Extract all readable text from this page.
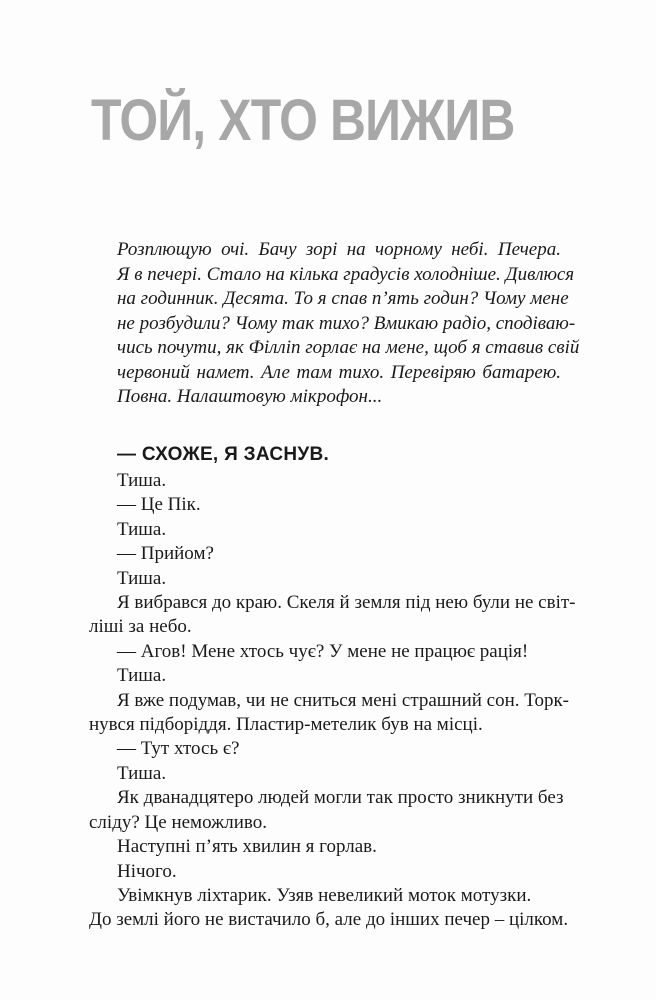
ТОЙ, ХТО ВИЖИВ
Розплющую очі. Бачу зорі на чорному небі. Печера.
Я в печері. Стало на кілька градусів холодніше. Дивлюся
на годинник. Десята. То я спав п’ять годин? Чому мене
не розбудили? Чому так тихо? Вмикаю радіо, сподіваю-
чись почути, як Філліп горлає на мене, щоб я ставив свій
червоний намет. Але там тихо. Перевіряю батарею.
Повна. Налаштовую мікрофон...
— СХОЖЕ, Я ЗАСНУВ.
Тиша.
— Це Пік.
Тиша.
— Прийом?
Тиша.
Я вибрався до краю. Скеля й земля під нею були не світ-
ліші за небо.
— Агов! Мене хтось чує? У мене не працює рація!
Тиша.
Я вже подумав, чи не сниться мені страшний сон. Торк-
нувся підборіддя. Пластир-метелик був на місці.
— Тут хтось є?
Тиша.
Як дванадцятеро людей могли так просто зникнути без
сліду? Це неможливо.
Наступні п’ять хвилин я горлав.
Нічого.
Увімкнув ліхтарик. Узяв невеликий моток мотузки.
До землі його не вистачило б, але до інших печер – цілком.
